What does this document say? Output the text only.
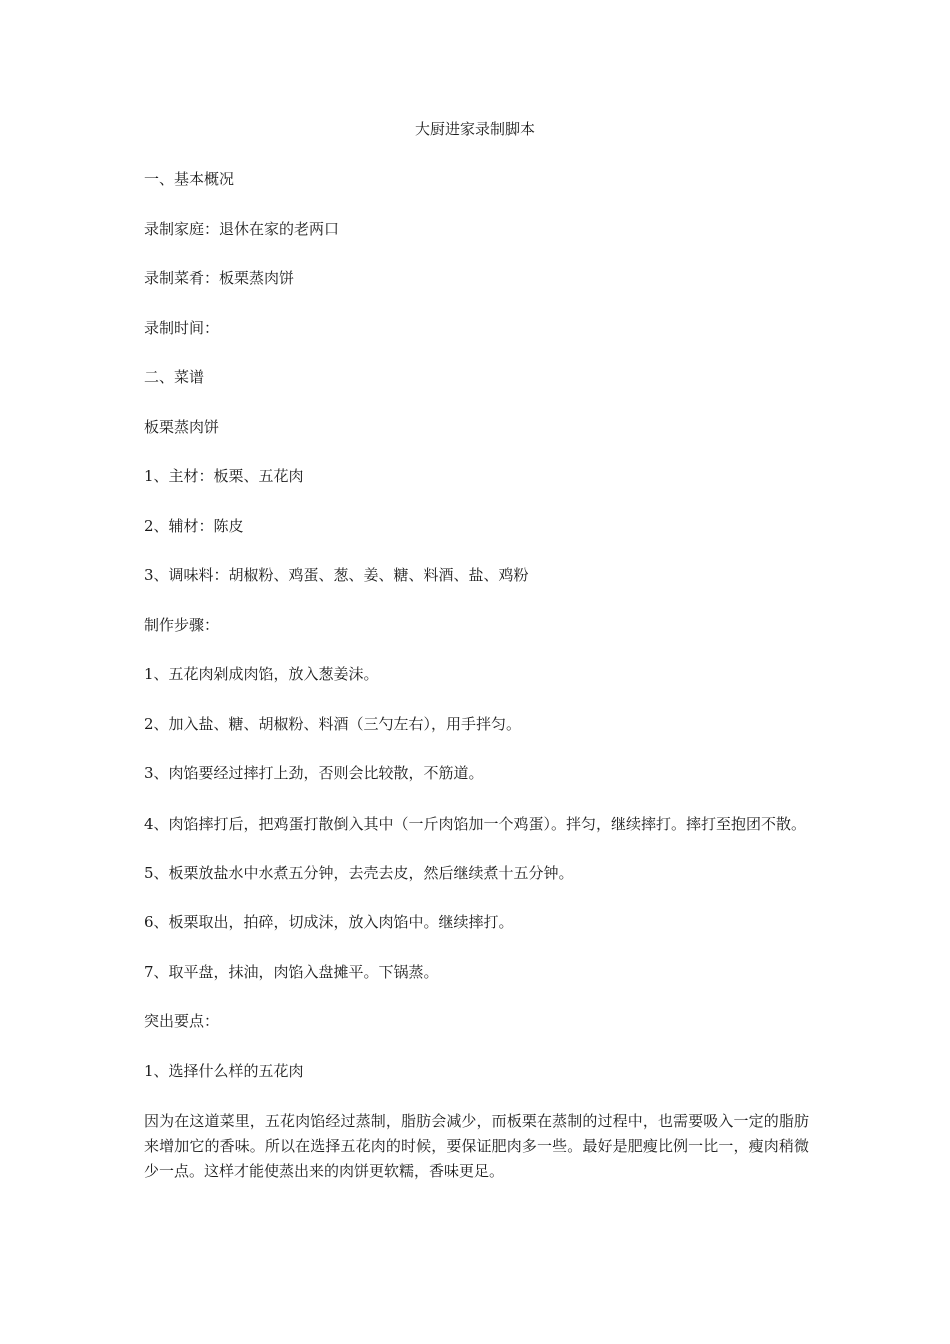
大厨进家录制脚本

一、基本概况

录制家庭：退休在家的老两口

录制菜肴：板栗蒸肉饼

录制时间：

二、菜谱

板栗蒸肉饼

1、主材：板栗、五花肉

2、辅材：陈皮

3、调味料：胡椒粉、鸡蛋、葱、姜、糖、料酒、盐、鸡粉

制作步骤：

1、五花肉剁成肉馅，放入葱姜沫。

2、加入盐、糖、胡椒粉、料酒（三勺左右），用手拌匀。

3、肉馅要经过摔打上劲，否则会比较散，不筋道。

4、肉馅摔打后，把鸡蛋打散倒入其中（一斤肉馅加一个鸡蛋）。拌匀，继续摔打。摔打至抱团不散。

5、板栗放盐水中水煮五分钟，去壳去皮，然后继续煮十五分钟。

6、板栗取出，拍碎，切成沫，放入肉馅中。继续摔打。

7、取平盘，抹油，肉馅入盘摊平。下锅蒸。

突出要点：

1、选择什么样的五花肉

因为在这道菜里，五花肉馅经过蒸制，脂肪会减少，而板栗在蒸制的过程中，也需要吸入一定的脂肪来增加它的香味。所以在选择五花肉的时候，要保证肥肉多一些。最好是肥瘦比例一比一，瘦肉稍微少一点。这样才能使蒸出来的肉饼更软糯，香味更足。
